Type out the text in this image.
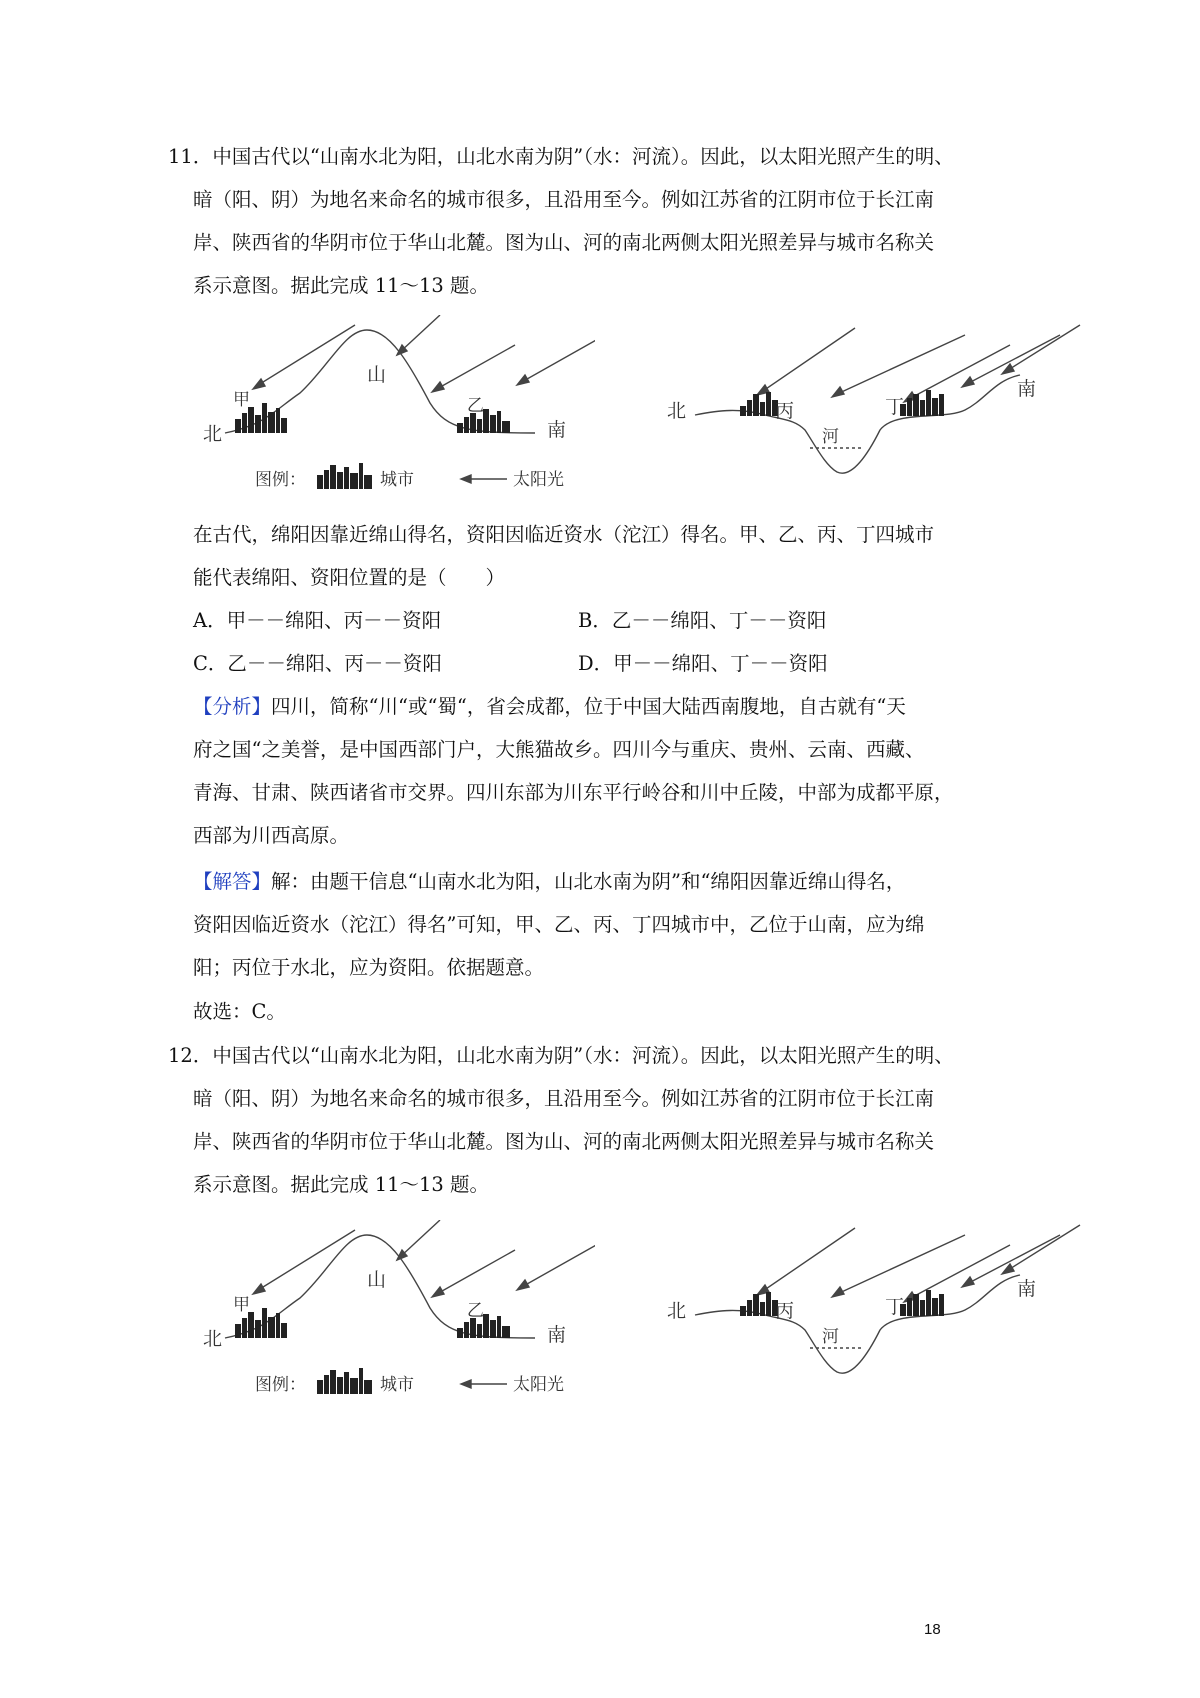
11．中国古代以“山南水北为阳，山北水南为阴”（水：河流）。因此，以太阳光照产生的明、
暗（阳、阴）为地名来命名的城市很多，且沿用至今。例如江苏省的江阴市位于长江南
岸、陕西省的华阴市位于华山北麓。图为山、河的南北两侧太阳光照差异与城市名称关
系示意图。据此完成 11～13 题。
北
甲
山
乙
南
图例：	城市	太阳光
北	丙
河
丁
南
在古代，绵阳因靠近绵山得名，资阳因临近资水（沱江）得名。甲、乙、丙、丁四城市
能代表绵阳、资阳位置的是（　　）
A．甲－－绵阳、丙－－资阳	B．乙－－绵阳、丁－－资阳
C．乙－－绵阳、丙－－资阳	D．甲－－绵阳、丁－－资阳
【分析】四川，简称“川“或“蜀“，省会成都，位于中国大陆西南腹地，自古就有“天
府之国“之美誉，是中国西部门户，大熊猫故乡。四川今与重庆、贵州、云南、西藏、
青海、甘肃、陕西诸省市交界。四川东部为川东平行岭谷和川中丘陵，中部为成都平原，
西部为川西高原。
【解答】解：由题干信息“山南水北为阳，山北水南为阴”和“绵阳因靠近绵山得名，
资阳因临近资水（沱江）得名”可知，甲、乙、丙、丁四城市中，乙位于山南，应为绵
阳；丙位于水北，应为资阳。依据题意。
故选：C。
12．中国古代以“山南水北为阳，山北水南为阴”（水：河流）。因此，以太阳光照产生的明、
暗（阳、阴）为地名来命名的城市很多，且沿用至今。例如江苏省的江阴市位于长江南
岸、陕西省的华阴市位于华山北麓。图为山、河的南北两侧太阳光照差异与城市名称关
系示意图。据此完成 11～13 题。
北
甲
山
乙
南
图例：	城市	太阳光
北	丙
河
丁
南
18
